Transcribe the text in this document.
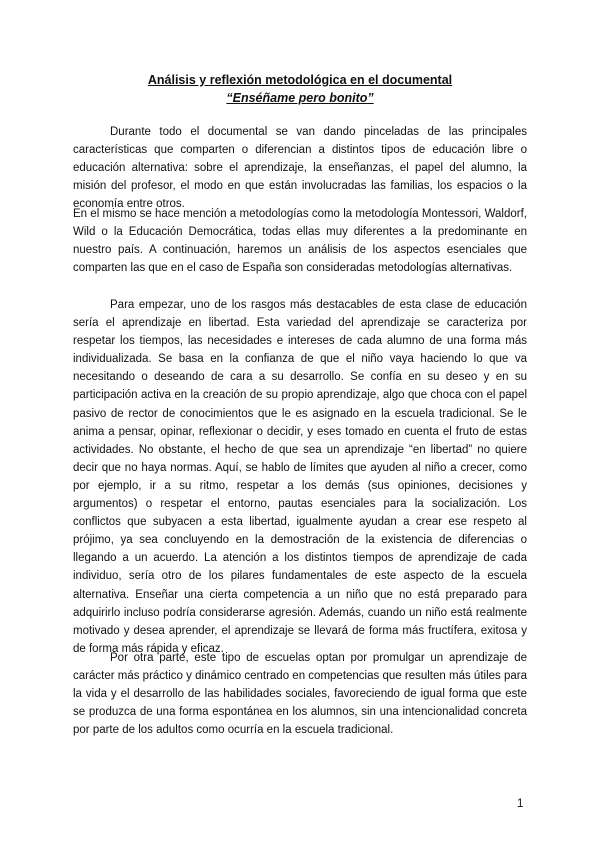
Análisis y reflexión metodológica en el documental
“Enséñame pero bonito”

Durante todo el documental se van dando pinceladas de las principales características que comparten o diferencian a distintos tipos de educación libre o educación alternativa: sobre el aprendizaje, la enseñanzas, el papel del alumno, la misión del profesor, el modo en que están involucradas las familias, los espacios o la economía entre otros.

En el mismo se hace mención a metodologías como la metodología Montessori, Waldorf, Wild o la Educación Democrática, todas ellas muy diferentes a la predominante en nuestro país. A continuación, haremos un análisis de los aspectos esenciales que comparten las que en el caso de España son consideradas metodologías alternativas.

Para empezar, uno de los rasgos más destacables de esta clase de educación sería el aprendizaje en libertad. Esta variedad del aprendizaje se caracteriza por respetar los tiempos, las necesidades e intereses de cada alumno de una forma más individualizada. Se basa en la confianza de que el niño vaya haciendo lo que va necesitando o deseando de cara a su desarrollo. Se confía en su deseo y en su participación activa en la creación de su propio aprendizaje, algo que choca con el papel pasivo de rector de conocimientos que le es asignado en la escuela tradicional. Se le anima a pensar, opinar, reflexionar o decidir, y eses tomado en cuenta el fruto de estas actividades. No obstante, el hecho de que sea un aprendizaje “en libertad” no quiere decir que no haya normas. Aquí, se hablo de límites que ayuden al niño a crecer, como por ejemplo, ir a su ritmo, respetar a los demás (sus opiniones, decisiones y argumentos) o respetar el entorno, pautas esenciales para la socialización. Los conflictos que subyacen a esta libertad, igualmente ayudan a crear ese respeto al prójimo, ya sea concluyendo en la demostración de la existencia de diferencias o llegando a un acuerdo. La atención a los distintos tiempos de aprendizaje de cada individuo, sería otro de los pilares fundamentales de este aspecto de la escuela alternativa. Enseñar una cierta competencia a un niño que no está preparado para adquirirlo incluso podría considerarse agresión. Además, cuando un niño está realmente motivado y desea aprender, el aprendizaje se llevará de forma más fructífera, exitosa y de forma más rápida y eficaz.

Por otra parte, este tipo de escuelas optan por promulgar un aprendizaje de carácter más práctico y dinámico centrado en competencias que resulten más útiles para la vida y el desarrollo de las habilidades sociales, favoreciendo de igual forma que este se produzca de una forma espontánea en los alumnos, sin una intencionalidad concreta por parte de los adultos como ocurría en la escuela tradicional.

1
